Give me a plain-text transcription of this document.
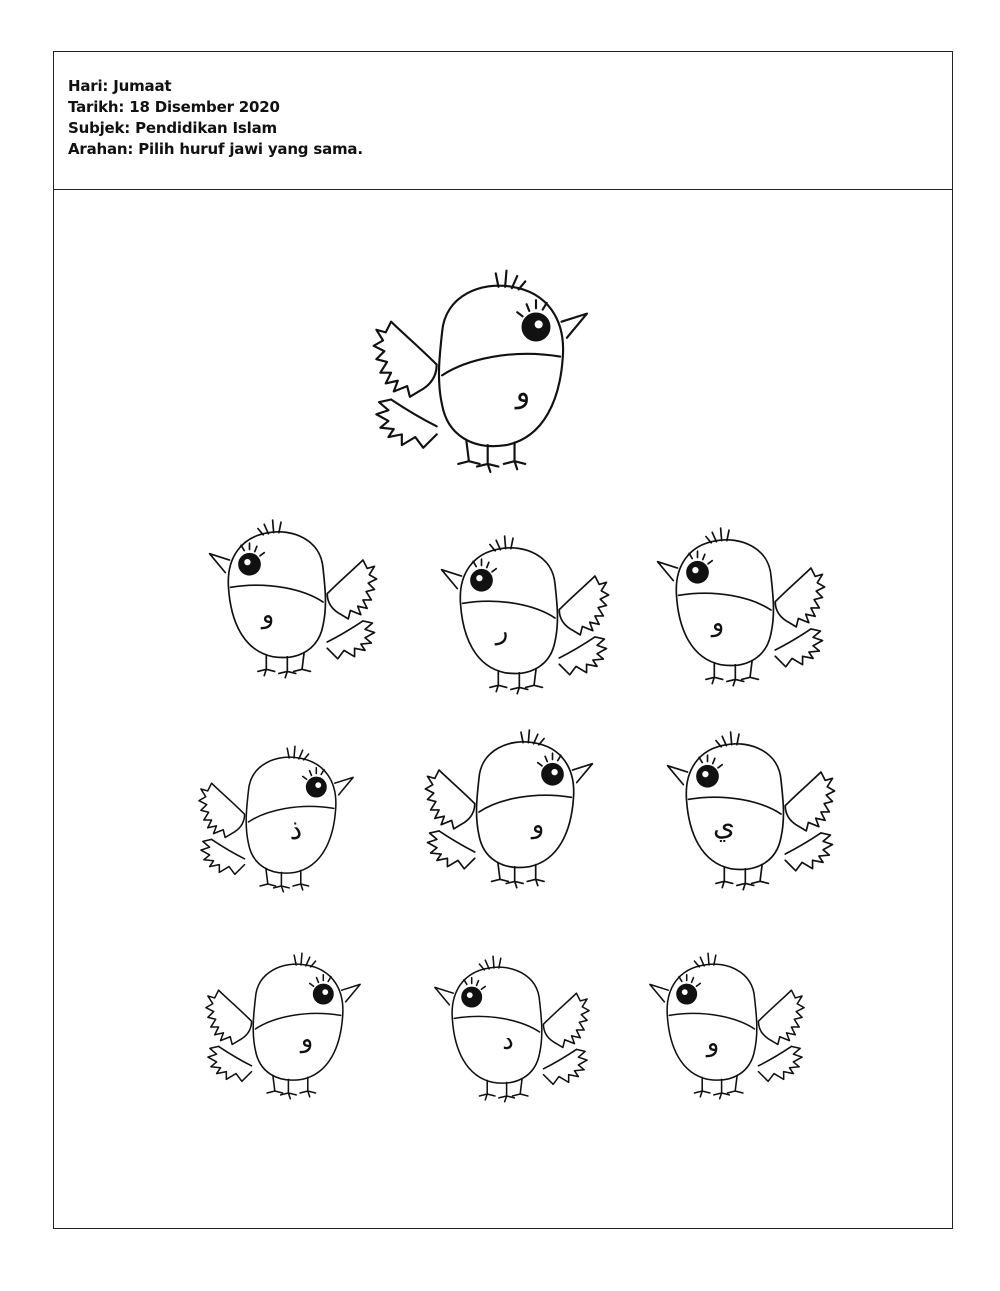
Hari: Jumaat
Tarikh: 18 Disember 2020
Subjek: Pendidikan Islam
Arahan: Pilih huruf jawi yang sama.
و
و
ر	و
ذ	و	ي
و	د	و
